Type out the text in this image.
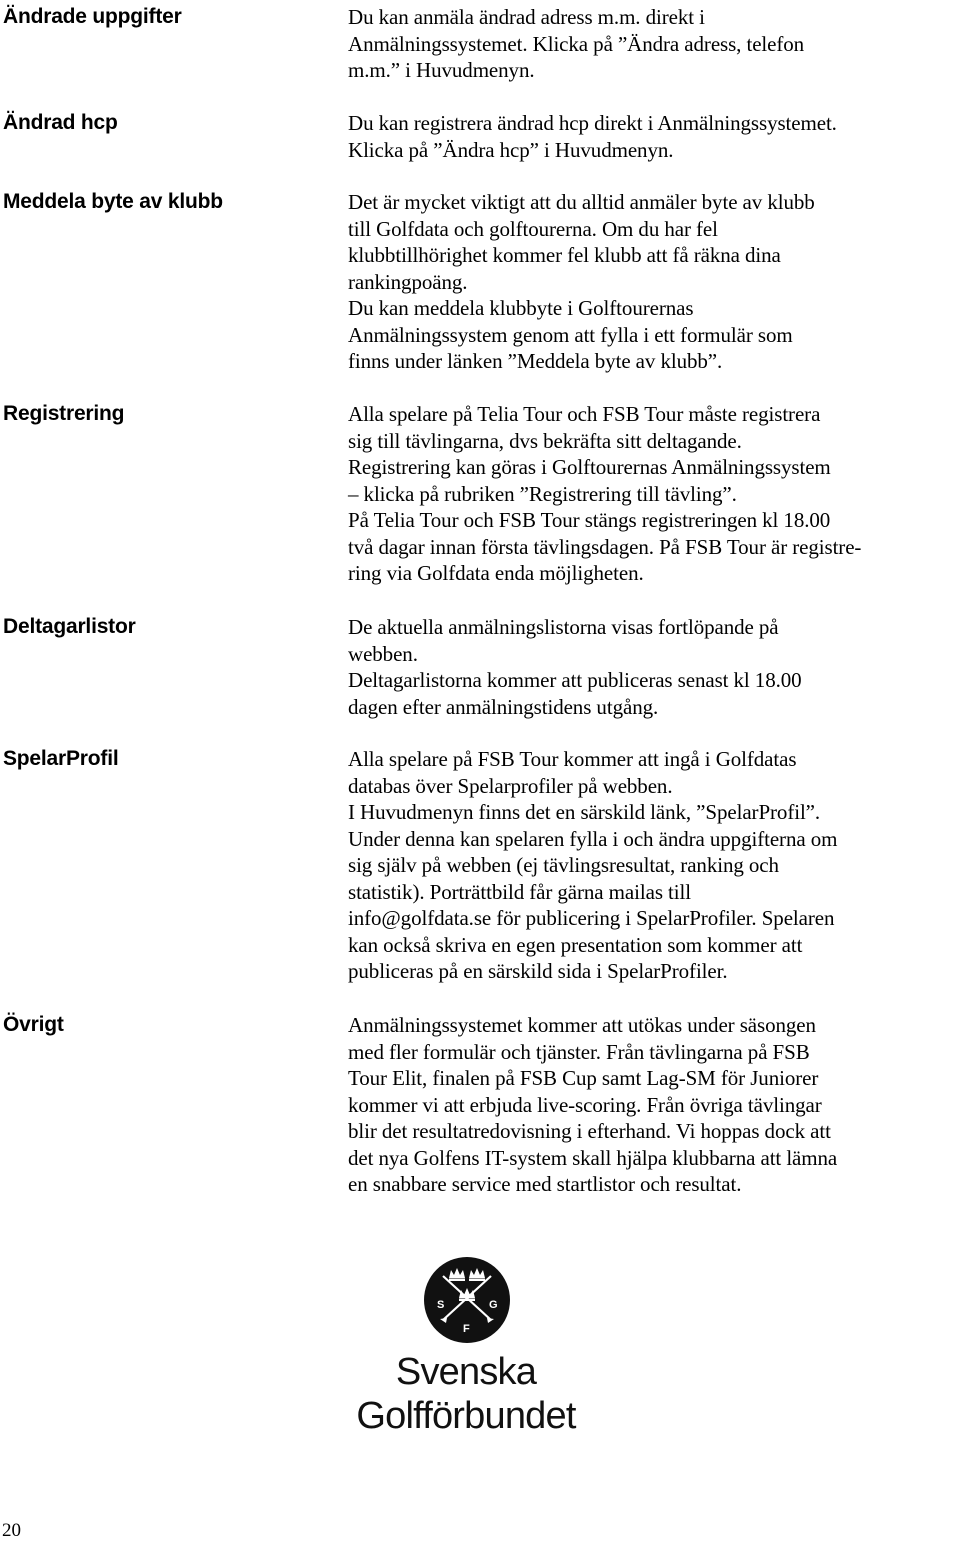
Ändrade uppgifter	Du kan anmäla ändrad adress m.m. direkt i
Anmälningssystemet. Klicka på ”Ändra adress, telefon
m.m.” i Huvudmenyn.
Ändrad hcp	Du kan registrera ändrad hcp direkt i Anmälningssystemet.
Klicka på ”Ändra hcp” i Huvudmenyn.
Meddela byte av klubb	Det är mycket viktigt att du alltid anmäler byte av klubb
till Golfdata och golftourerna. Om du har fel
klubbtillhörighet kommer fel klubb att få räkna dina
rankingpoäng.
Du kan meddela klubbyte i Golftourernas
Anmälningssystem genom att fylla i ett formulär som
finns under länken ”Meddela byte av klubb”.
Registrering	Alla spelare på Telia Tour och FSB Tour måste registrera
sig till tävlingarna, dvs bekräfta sitt deltagande.
Registrering kan göras i Golftourernas Anmälningssystem
– klicka på rubriken ”Registrering till tävling”.
På Telia Tour och FSB Tour stängs registreringen kl 18.00
två dagar innan första tävlingsdagen. På FSB Tour är registre-
ring via Golfdata enda möjligheten.
Deltagarlistor	De aktuella anmälningslistorna visas fortlöpande på
webben.
Deltagarlistorna kommer att publiceras senast kl 18.00
dagen efter anmälningstidens utgång.
SpelarProfil	Alla spelare på FSB Tour kommer att ingå i Golfdatas
databas över Spelarprofiler på webben.
I Huvudmenyn finns det en särskild länk, ”SpelarProfil”.
Under denna kan spelaren fylla i och ändra uppgifterna om
sig själv på webben (ej tävlingsresultat, ranking och
statistik). Porträttbild får gärna mailas till
info@golfdata.se för publicering i SpelarProfiler. Spelaren
kan också skriva en egen presentation som kommer att
publiceras på en särskild sida i SpelarProfiler.
Övrigt	Anmälningssystemet kommer att utökas under säsongen
med fler formulär och tjänster. Från tävlingarna på FSB
Tour Elit, finalen på FSB Cup samt Lag-SM för Juniorer
kommer vi att erbjuda live-scoring. Från övriga tävlingar
blir det resultatredovisning i efterhand. Vi hoppas dock att
det nya Golfens IT-system skall hjälpa klubbarna att lämna
en snabbare service med startlistor och resultat.
S	G
F
Svenska Golfförbundet
20
